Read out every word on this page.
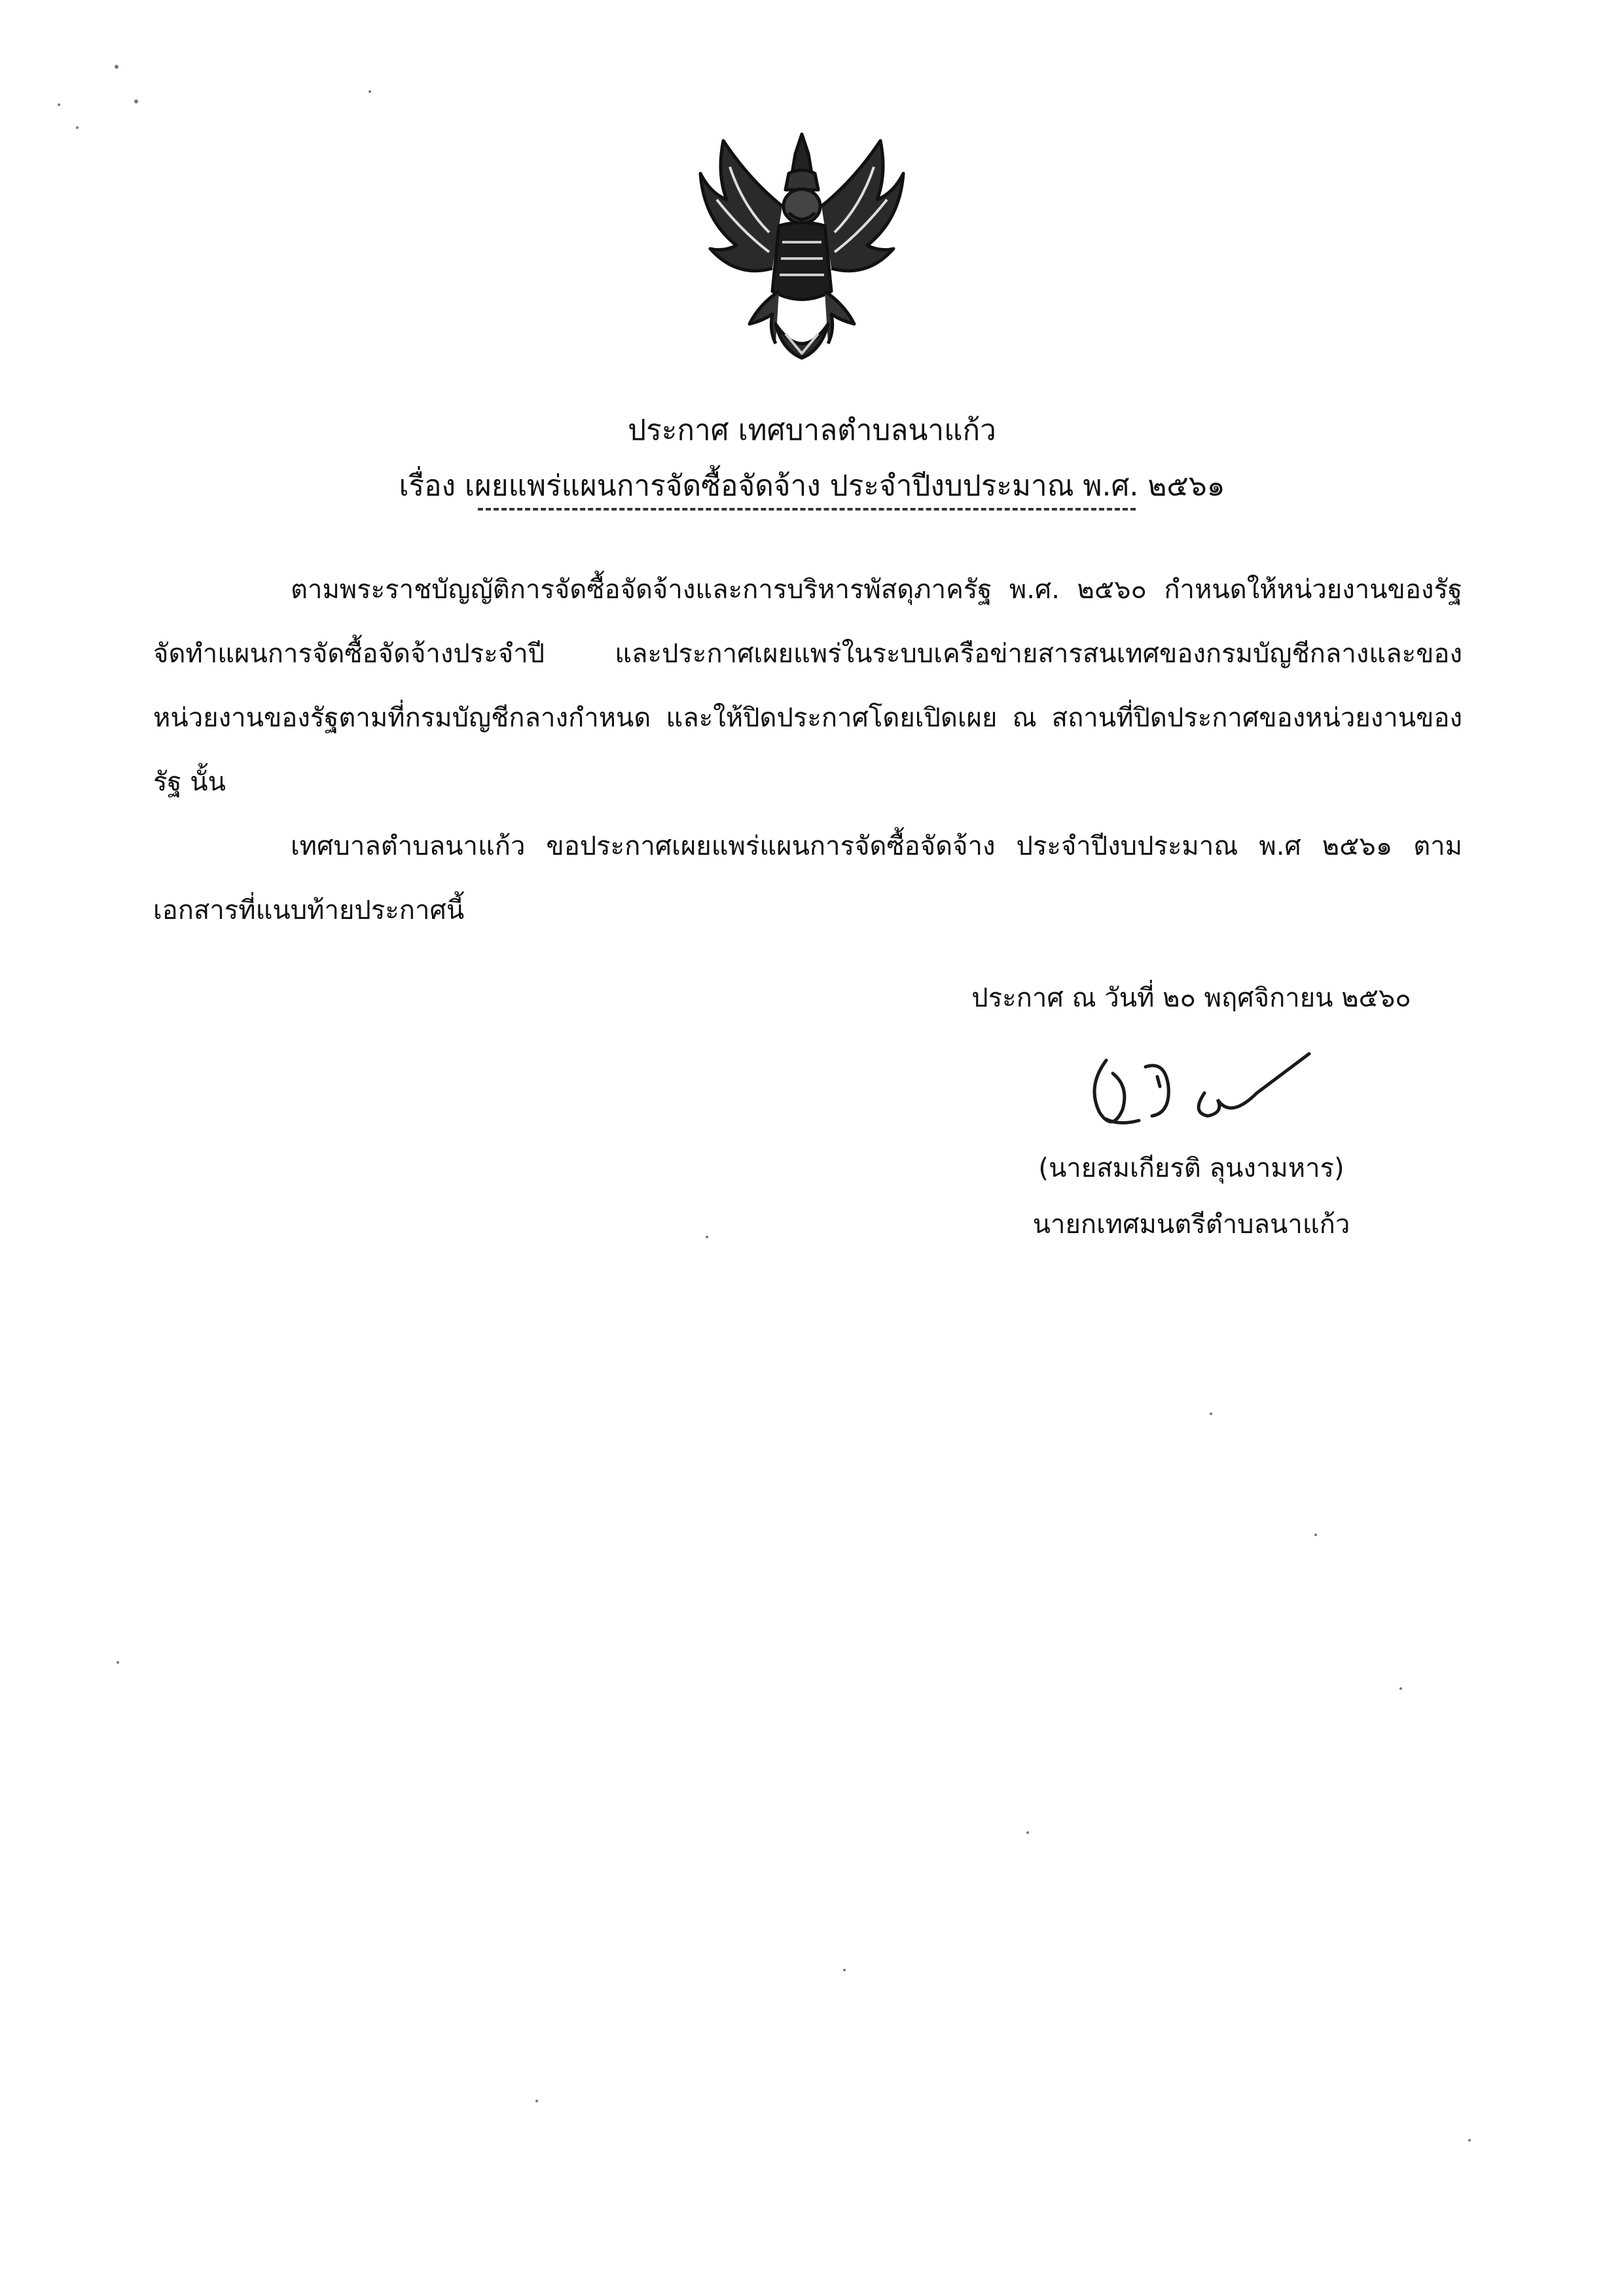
ประกาศ เทศบาลตำบลนาแก้ว
เรื่อง เผยแพร่แผนการจัดซื้อจัดจ้าง ประจำปีงบประมาณ พ.ศ. ๒๕๖๑

ตามพระราชบัญญัติการจัดซื้อจัดจ้างและการบริหารพัสดุภาครัฐ พ.ศ. ๒๕๖๐ กำหนดให้หน่วยงานของรัฐจัดทำแผนการจัดซื้อจัดจ้างประจำปี และประกาศเผยแพร่ในระบบเครือข่ายสารสนเทศของกรมบัญชีกลางและของหน่วยงานของรัฐตามที่กรมบัญชีกลางกำหนด และให้ปิดประกาศโดยเปิดเผย ณ สถานที่ปิดประกาศของหน่วยงานของรัฐ นั้น

เทศบาลตำบลนาแก้ว ขอประกาศเผยแพร่แผนการจัดซื้อจัดจ้าง ประจำปีงบประมาณ พ.ศ ๒๕๖๑ ตามเอกสารที่แนบท้ายประกาศนี้

ประกาศ ณ วันที่ ๒๐ พฤศจิกายน ๒๕๖๐
(นายสมเกียรติ ลุนงามหาร)
นายกเทศมนตรีตำบลนาแก้ว
